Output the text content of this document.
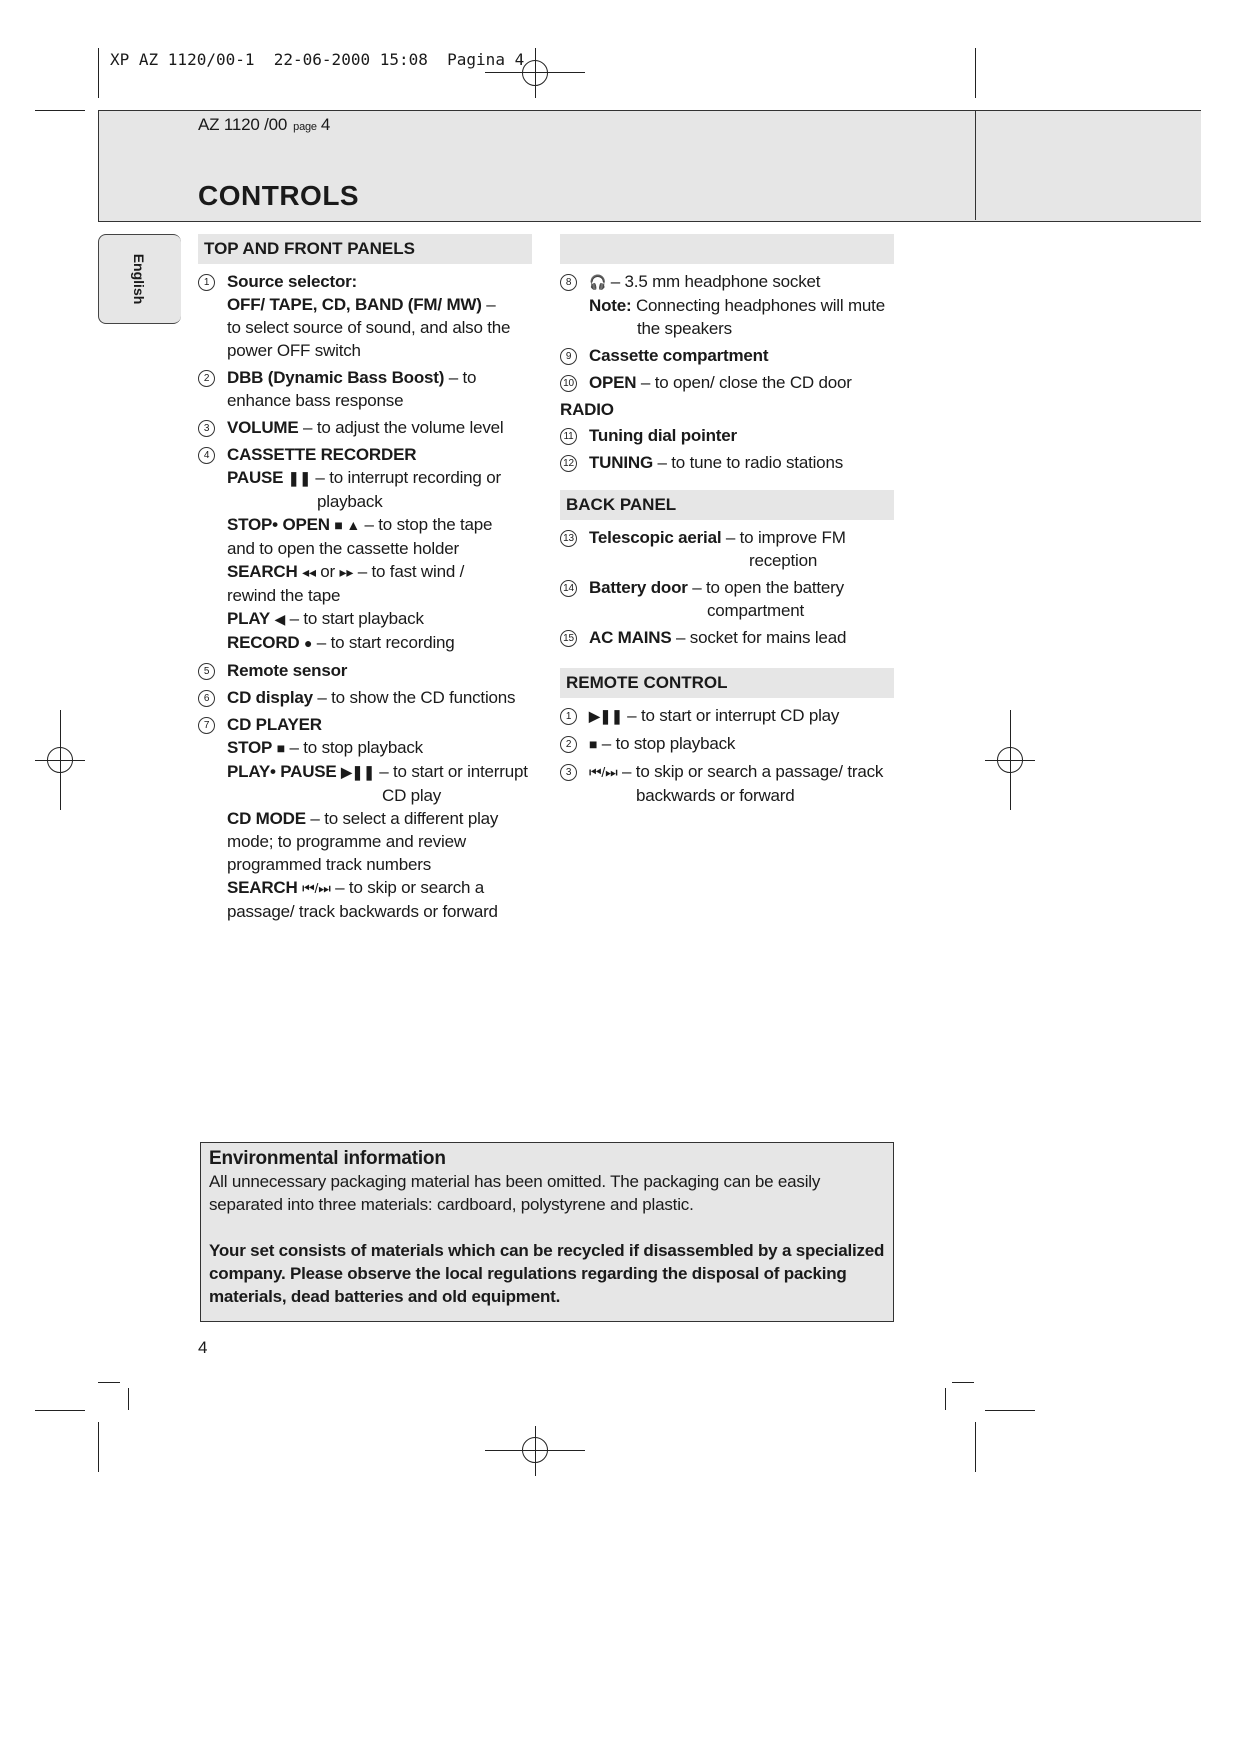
XP AZ 1120/00-1  22-06-2000 15:08  Pagina 4
AZ 1120 /00 page 4
CONTROLS
English
TOP AND FRONT PANELS
1	Source selector:
OFF/ TAPE, CD, BAND (FM/ MW) –
to select source of sound, and also the
power OFF switch
2	DBB (Dynamic Bass Boost) – to
enhance bass response
3	VOLUME – to adjust the volume level
4	CASSETTE RECORDER
PAUSE ❚❚ – to interrupt recording or
playback
STOP• OPEN ■ ▲ – to stop the tape
and to open the cassette holder
SEARCH ◂◂ or ▸▸ – to fast wind /
rewind the tape
PLAY ◀ – to start playback
RECORD ● – to start recording
5	Remote sensor
6	CD display – to show the CD functions
7	CD PLAYER
STOP ■ – to stop playback
PLAY• PAUSE ▶❚❚ – to start or interrupt
CD play
CD MODE – to select a different play
mode; to programme and review
programmed track numbers
SEARCH ⏮/⏭ – to skip or search a
passage/ track backwards or forward
8	🎧 – 3.5 mm headphone socket
Note: Connecting headphones will mute
the speakers
9	Cassette compartment
10 OPEN – to open/ close the CD door
RADIO
11 Tuning dial pointer
12 TUNING – to tune to radio stations
BACK PANEL
13 Telescopic aerial – to improve FM
reception
14 Battery door – to open the battery
compartment
15 AC MAINS – socket for mains lead
REMOTE CONTROL
1	▶❚❚ – to start or interrupt CD play
2	■ – to stop playback
3	⏮/⏭ – to skip or search a passage/ track
backwards or forward
Environmental information
All unnecessary packaging material has been omitted. The packaging can be easily separated into three materials: cardboard, polystyrene and plastic.
Your set consists of materials which can be recycled if disassembled by a specialized company. Please observe the local regulations regarding the disposal of packing materials, dead batteries and old equipment.
4
